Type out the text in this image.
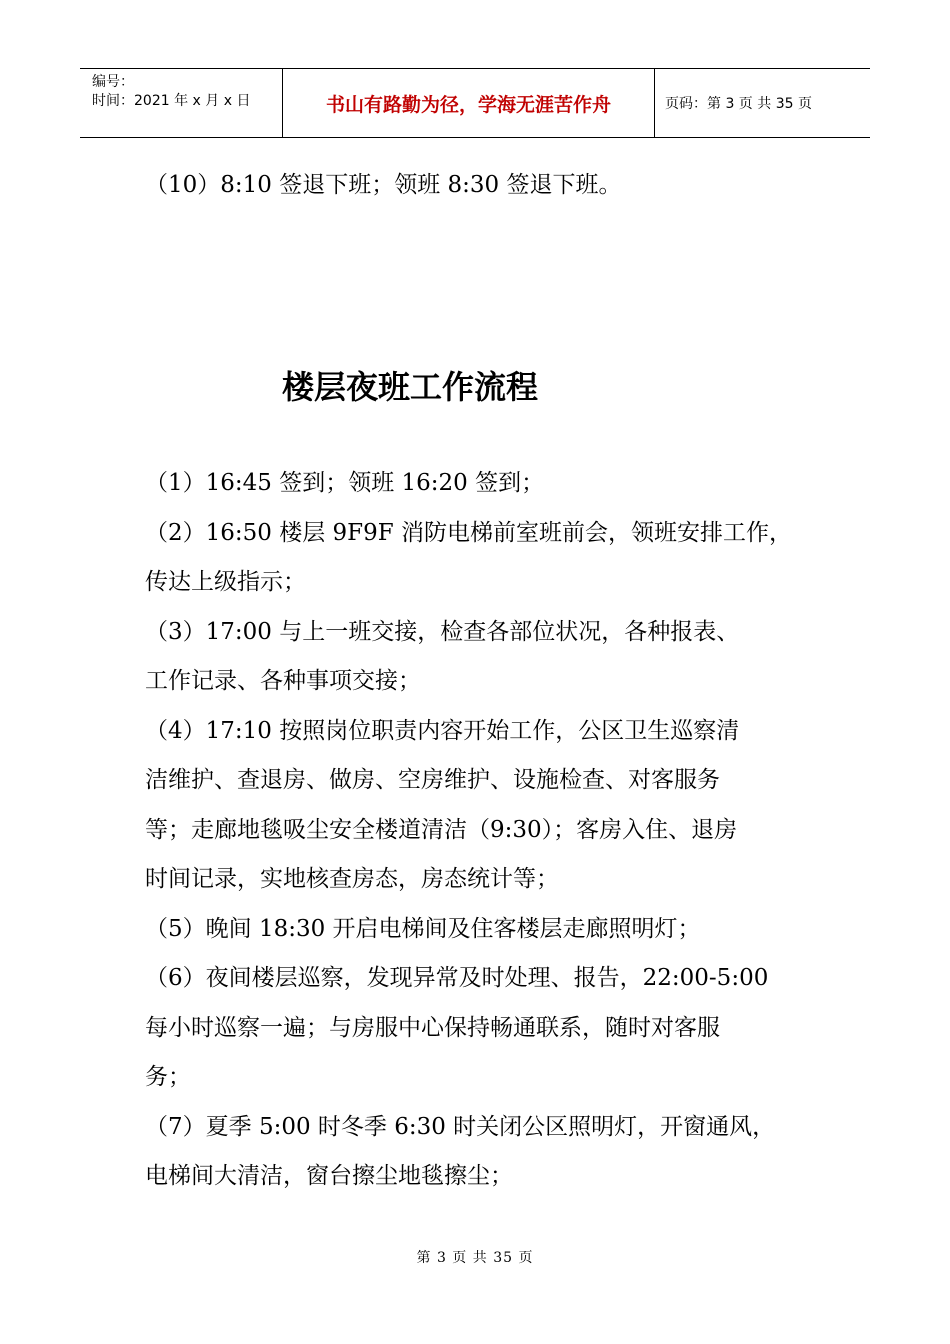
编号：
时间：2021 年 x 月 x 日	书山有路勤为径，学海无涯苦作舟	页码：第 3 页 共 35 页

（10）8:10 签退下班；领班 8:30 签退下班。

楼层夜班工作流程

（1）16:45 签到；领班 16:20 签到；

（2）16:50 楼层 9F9F 消防电梯前室班前会，领班安排工作，

传达上级指示；

（3）17:00 与上一班交接，检查各部位状况，各种报表、

工作记录、各种事项交接；

（4）17:10 按照岗位职责内容开始工作，公区卫生巡察清

洁维护、查退房、做房、空房维护、设施检查、对客服务

等；走廊地毯吸尘安全楼道清洁（9:30）；客房入住、退房

时间记录，实地核查房态，房态统计等；

（5）晚间 18:30 开启电梯间及住客楼层走廊照明灯；

（6）夜间楼层巡察，发现异常及时处理、报告，22:00-5:00

每小时巡察一遍；与房服中心保持畅通联系，随时对客服

务；

（7）夏季 5:00 时冬季 6:30 时关闭公区照明灯，开窗通风，

电梯间大清洁，窗台擦尘地毯擦尘；

第 3 页 共 35 页
